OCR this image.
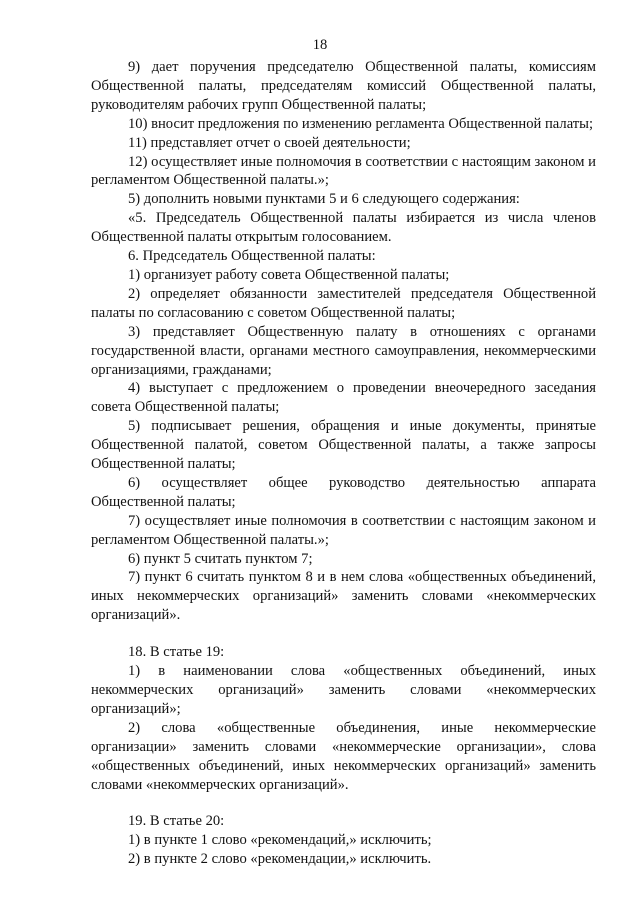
18

9) дает поручения председателю Общественной палаты, комиссиям Общественной палаты, председателям комиссий Общественной палаты, руководителям рабочих групп Общественной палаты;

10) вносит предложения по изменению регламента Общественной палаты;

11) представляет отчет о своей деятельности;

12) осуществляет иные полномочия в соответствии с настоящим законом и регламентом Общественной палаты.»;

5) дополнить новыми пунктами 5 и 6 следующего содержания:

«5. Председатель Общественной палаты избирается из числа членов Общественной палаты открытым голосованием.

6. Председатель Общественной палаты:

1) организует работу совета Общественной палаты;

2) определяет обязанности заместителей председателя Общественной палаты по согласованию с советом Общественной палаты;

3) представляет Общественную палату в отношениях с органами государственной власти, органами местного самоуправления, некоммерческими организациями, гражданами;

4) выступает с предложением о проведении внеочередного заседания совета Общественной палаты;

5) подписывает решения, обращения и иные документы, принятые Общественной палатой, советом Общественной палаты, а также запросы Общественной палаты;

6) осуществляет общее руководство деятельностью аппарата Общественной палаты;

7) осуществляет иные полномочия в соответствии с настоящим законом и регламентом Общественной палаты.»;

6) пункт 5 считать пунктом 7;

7) пункт 6 считать пунктом 8 и в нем слова «общественных объединений, иных некоммерческих организаций» заменить словами «некоммерческих организаций».

18. В статье 19:

1) в наименовании слова «общественных объединений, иных некоммерческих организаций» заменить словами «некоммерческих организаций»;

2) слова «общественные объединения, иные некоммерческие организации» заменить словами «некоммерческие организации», слова «общественных объединений, иных некоммерческих организаций» заменить словами «некоммерческих организаций».

19. В статье 20:

1) в пункте 1 слово «рекомендаций,» исключить;

2) в пункте 2 слово «рекомендации,» исключить.
